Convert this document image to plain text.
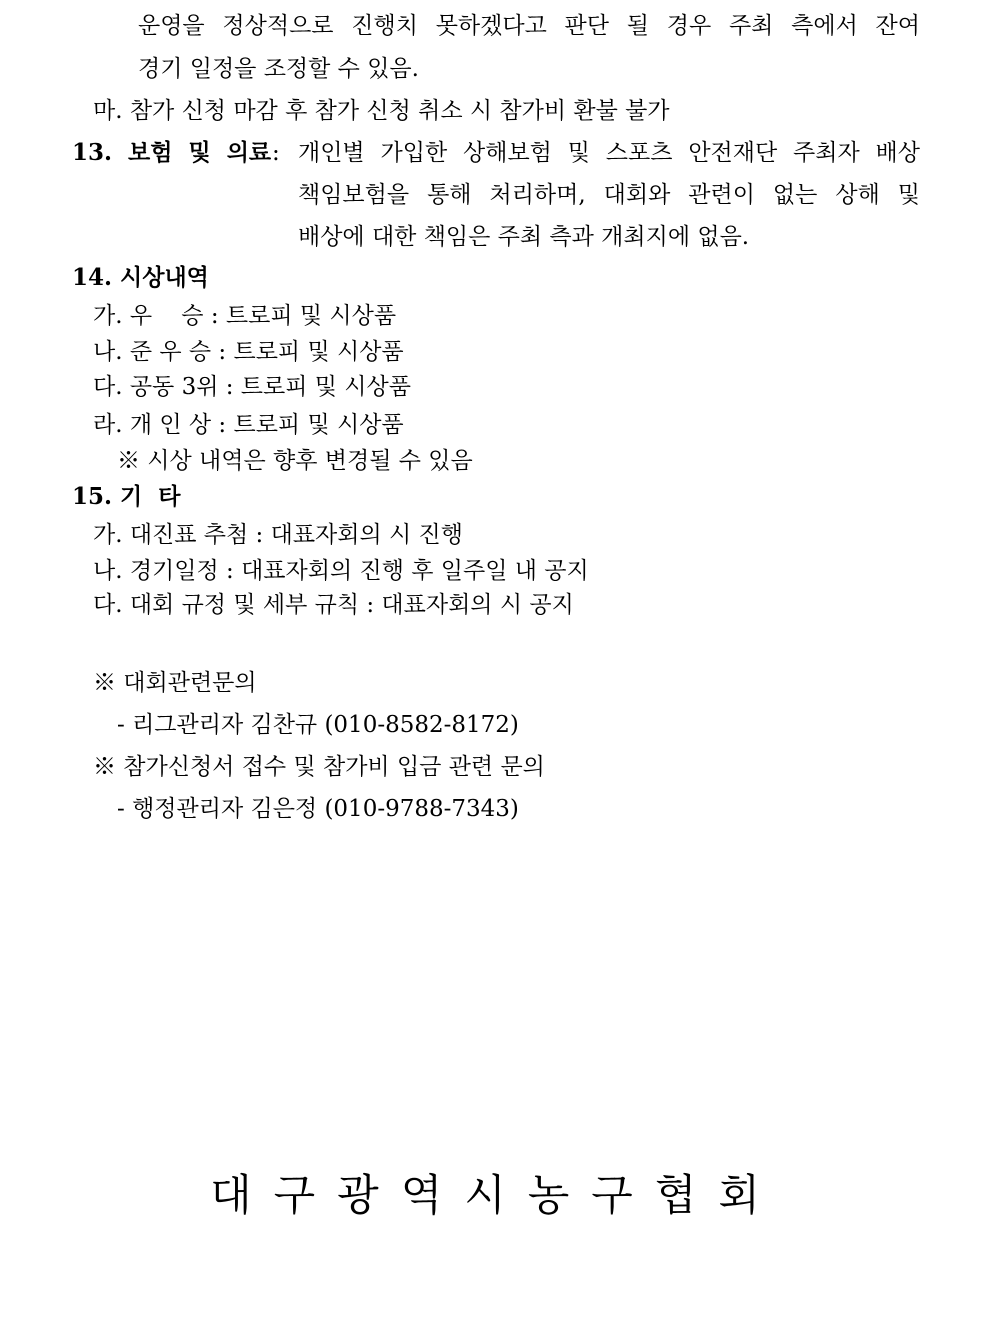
운영을 정상적으로 진행치 못하겠다고 판단 될 경우 주최 측에서 잔여
경기 일정을 조정할 수 있음.
마. 참가 신청 마감 후 참가 신청 취소 시 참가비 환불 불가
13. 보험 및 의료 : 개인별 가입한 상해보험 및 스포츠 안전재단 주최자 배상
책임보험을 통해 처리하며, 대회와 관련이 없는 상해 및
배상에 대한 책임은 주최 측과 개최지에 없음.
14. 시상내역
가. 우    승 : 트로피 및 시상품
나. 준 우 승 : 트로피 및 시상품
다. 공동 3위 : 트로피 및 시상품
라. 개 인 상 : 트로피 및 시상품
※ 시상 내역은 향후 변경될 수 있음
15. 기  타
가. 대진표 추첨 : 대표자회의 시 진행
나. 경기일정 : 대표자회의 진행 후 일주일 내 공지
다. 대회 규정 및 세부 규칙 : 대표자회의 시 공지
※ 대회관련문의
- 리그관리자 김찬규 (010-8582-8172)
※ 참가신청서 접수 및 참가비 입금 관련 문의
- 행정관리자 김은정 (010-9788-7343)
대구광역시농구협회
